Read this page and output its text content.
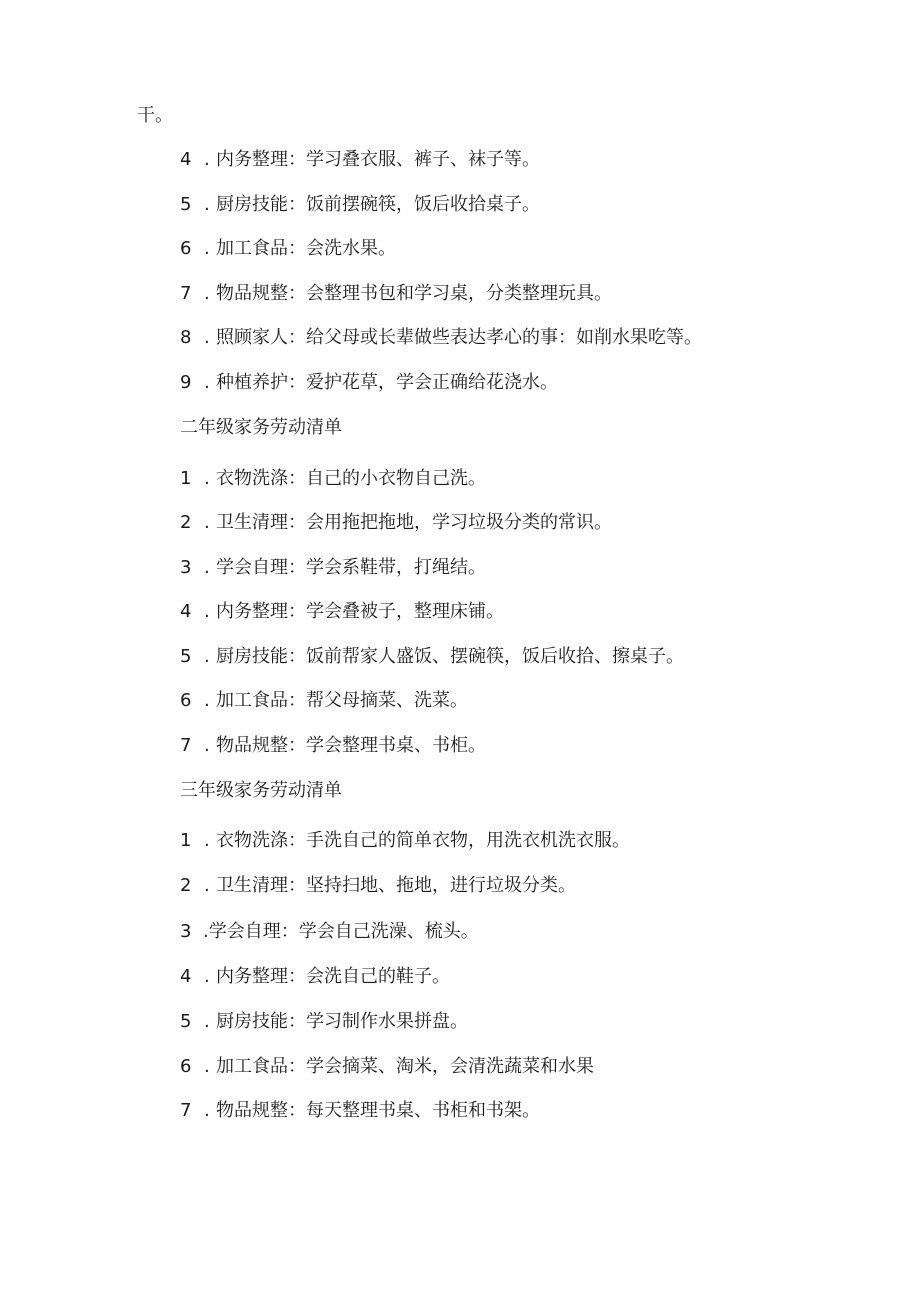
干。
4 . 内务整理：学习叠衣服、裤子、袜子等。
5 . 厨房技能：饭前摆碗筷，饭后收拾桌子。
6 . 加工食品：会洗水果。
7 . 物品规整：会整理书包和学习桌，分类整理玩具。
8 . 照顾家人：给父母或长辈做些表达孝心的事：如削水果吃等。
9 . 种植养护：爱护花草，学会正确给花浇水。
二年级家务劳动清单
1 . 衣物洗涤：自己的小衣物自己洗。
2 . 卫生清理：会用拖把拖地，学习垃圾分类的常识。
3 . 学会自理：学会系鞋带，打绳结。
4 . 内务整理：学会叠被子，整理床铺。
5 . 厨房技能：饭前帮家人盛饭、摆碗筷，饭后收拾、擦桌子。
6 . 加工食品：帮父母摘菜、洗菜。
7 . 物品规整：学会整理书桌、书柜。
三年级家务劳动清单
1 . 衣物洗涤：手洗自己的简单衣物，用洗衣机洗衣服。
2 . 卫生清理：坚持扫地、拖地，进行垃圾分类。
3 .学会自理：学会自己洗澡、梳头。
4 . 内务整理：会洗自己的鞋子。
5 . 厨房技能：学习制作水果拼盘。
6 . 加工食品：学会摘菜、淘米，会清洗蔬菜和水果
7 . 物品规整：每天整理书桌、书柜和书架。
